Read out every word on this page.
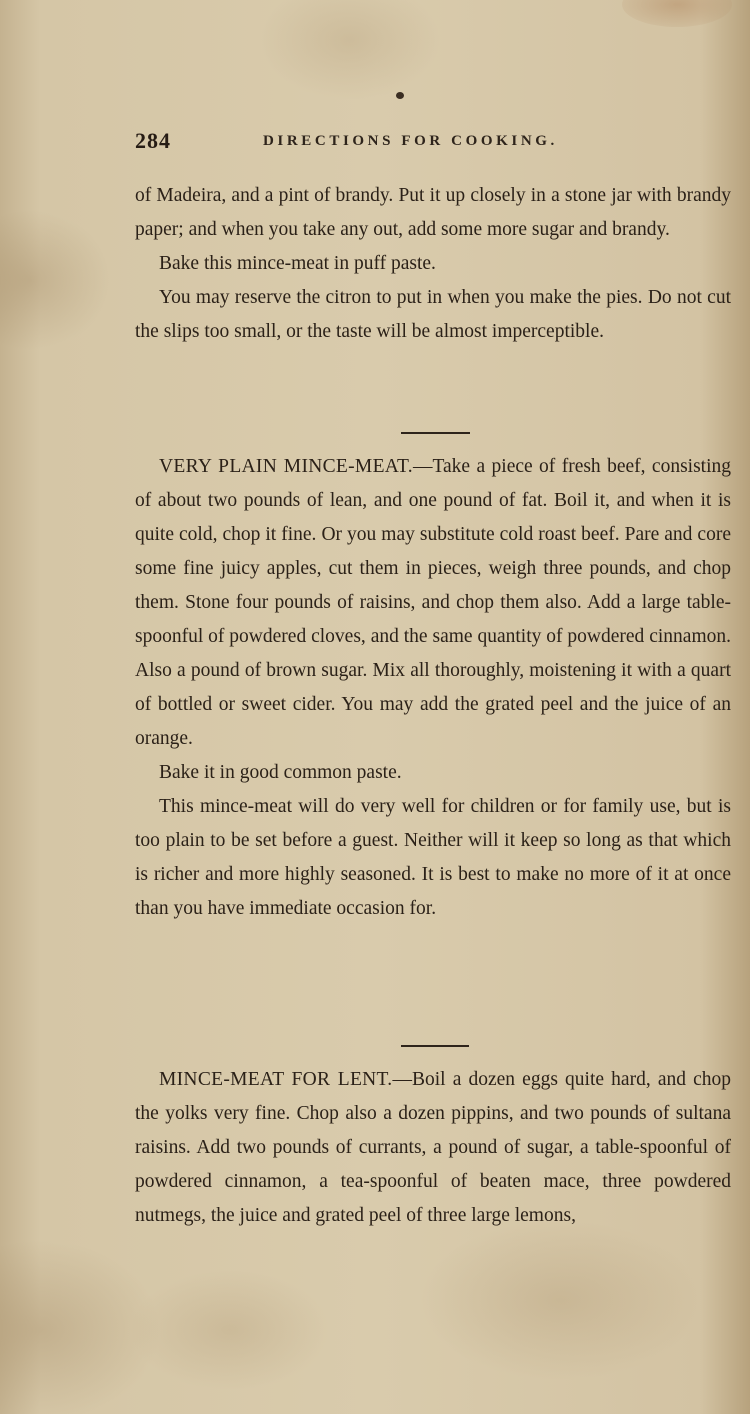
284	DIRECTIONS FOR COOKING.

of Madeira, and a pint of brandy. Put it up closely in a stone jar with brandy paper; and when you take any out, add some more sugar and brandy.

Bake this mince-meat in puff paste.

You may reserve the citron to put in when you make the pies. Do not cut the slips too small, or the taste will be almost imperceptible.

VERY PLAIN MINCE-MEAT.—Take a piece of fresh beef, consisting of about two pounds of lean, and one pound of fat. Boil it, and when it is quite cold, chop it fine. Or you may substitute cold roast beef. Pare and core some fine juicy apples, cut them in pieces, weigh three pounds, and chop them. Stone four pounds of raisins, and chop them also. Add a large table-spoonful of powdered cloves, and the same quantity of powdered cinnamon. Also a pound of brown sugar. Mix all thoroughly, moistening it with a quart of bottled or sweet cider. You may add the grated peel and the juice of an orange.

Bake it in good common paste.

This mince-meat will do very well for children or for family use, but is too plain to be set before a guest. Neither will it keep so long as that which is richer and more highly seasoned. It is best to make no more of it at once than you have immediate occasion for.

MINCE-MEAT FOR LENT.—Boil a dozen eggs quite hard, and chop the yolks very fine. Chop also a dozen pippins, and two pounds of sultana raisins. Add two pounds of currants, a pound of sugar, a table-spoonful of powdered cinnamon, a tea-spoonful of beaten mace, three powdered nutmegs, the juice and grated peel of three large lemons,
